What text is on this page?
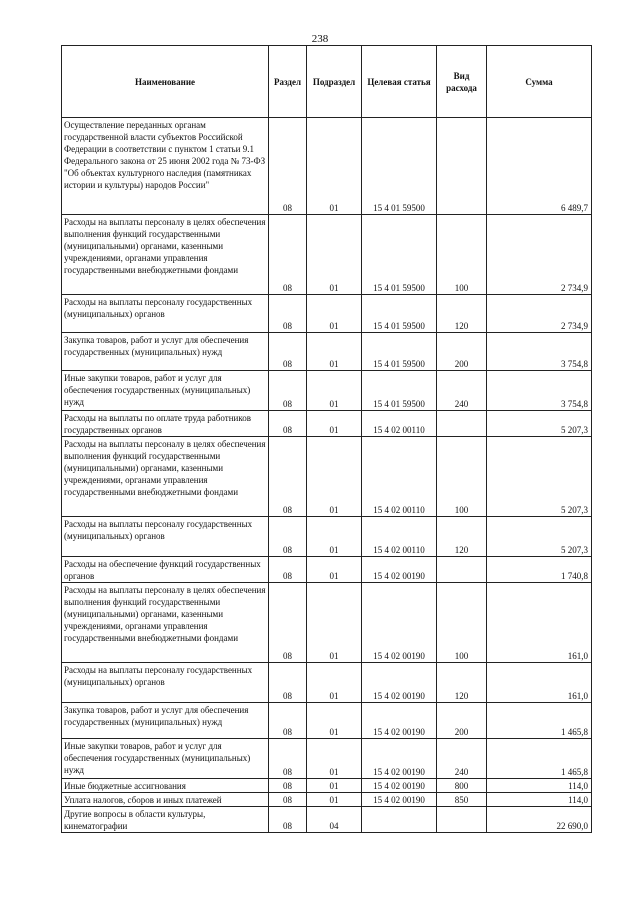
238
Наименование	Раздел	Подраздел	Целевая статья	Вид расхода	Сумма
Осуществление переданных органам государственной власти субъектов Российской Федерации в соответствии с пунктом 1 статьи 9.1 Федерального закона от 25 июня 2002 года № 73-ФЗ "Об объектах культурного наследия (памятниках истории и культуры) народов России"	08	01	15 4 01 59500		6 489,7
Расходы на выплаты персоналу в целях обеспечения выполнения функций государственными (муниципальными) органами, казенными учреждениями, органами управления государственными внебюджетными фондами	08	01	15 4 01 59500	100	2 734,9
Расходы на выплаты персоналу государственных (муниципальных) органов	08	01	15 4 01 59500	120	2 734,9
Закупка товаров, работ и услуг для обеспечения государственных (муниципальных) нужд	08	01	15 4 01 59500	200	3 754,8
Иные закупки товаров, работ и услуг для обеспечения государственных (муниципальных) нужд	08	01	15 4 01 59500	240	3 754,8
Расходы на выплаты по оплате труда работников государственных органов	08	01	15 4 02 00110		5 207,3
Расходы на выплаты персоналу в целях обеспечения выполнения функций государственными (муниципальными) органами, казенными учреждениями, органами управления государственными внебюджетными фондами	08	01	15 4 02 00110	100	5 207,3
Расходы на выплаты персоналу государственных (муниципальных) органов	08	01	15 4 02 00110	120	5 207,3
Расходы на обеспечение функций государственных органов	08	01	15 4 02 00190		1 740,8
Расходы на выплаты персоналу в целях обеспечения выполнения функций государственными (муниципальными) органами, казенными учреждениями, органами управления государственными внебюджетными фондами	08	01	15 4 02 00190	100	161,0
Расходы на выплаты персоналу государственных (муниципальных) органов	08	01	15 4 02 00190	120	161,0
Закупка товаров, работ и услуг для обеспечения государственных (муниципальных) нужд	08	01	15 4 02 00190	200	1 465,8
Иные закупки товаров, работ и услуг для обеспечения государственных (муниципальных) нужд	08	01	15 4 02 00190	240	1 465,8
Иные бюджетные ассигнования	08	01	15 4 02 00190	800	114,0
Уплата налогов, сборов и иных платежей	08	01	15 4 02 00190	850	114,0
Другие вопросы в области культуры, кинематографии	08	04			22 690,0
